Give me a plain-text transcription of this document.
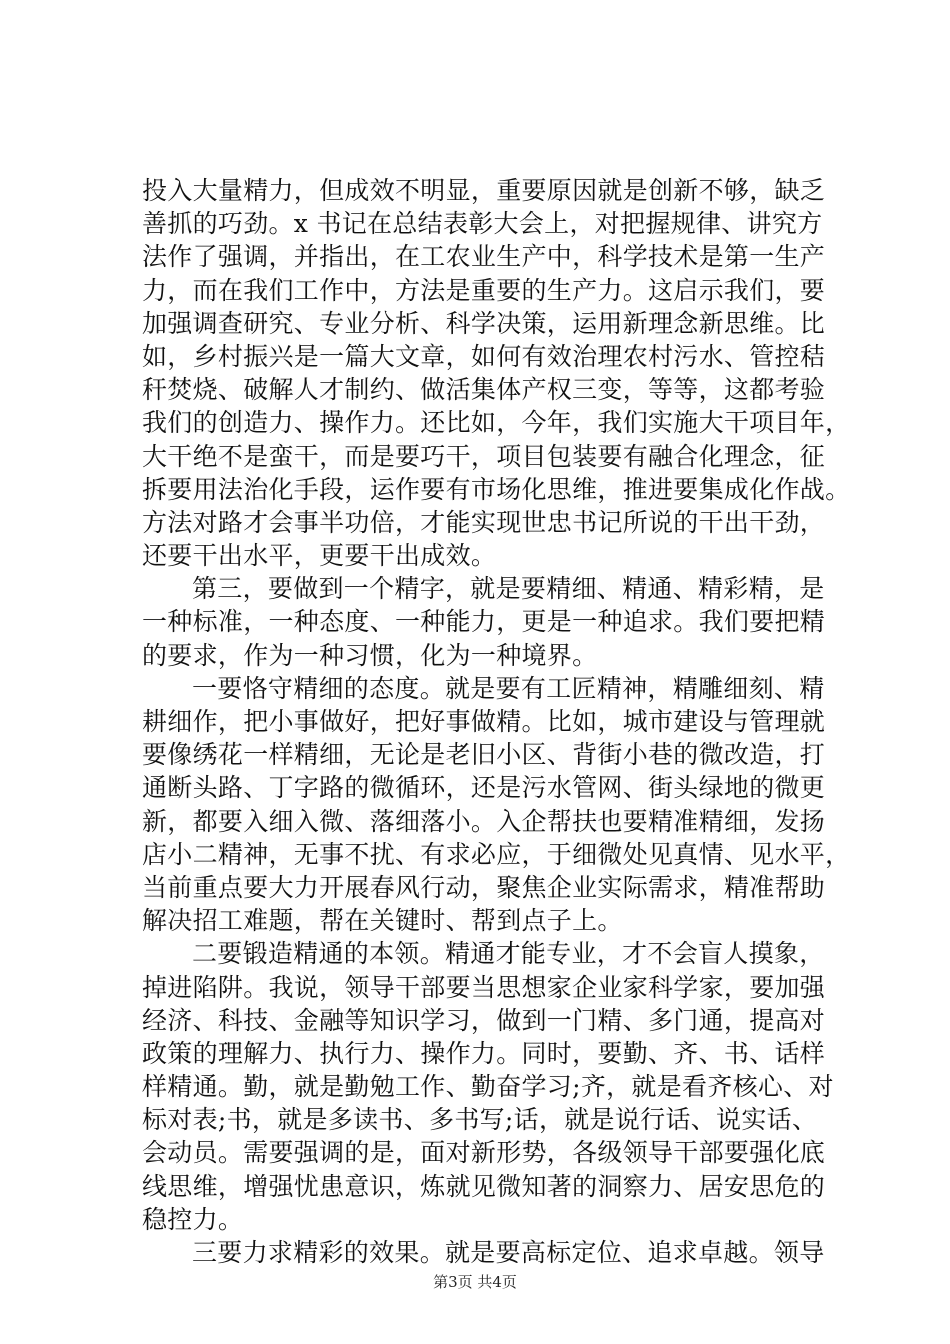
投入大量精力，但成效不明显，重要原因就是创新不够，缺乏
善抓的巧劲。x 书记在总结表彰大会上，对把握规律、讲究方
法作了强调，并指出，在工农业生产中，科学技术是第一生产
力，而在我们工作中，方法是重要的生产力。这启示我们，要
加强调查研究、专业分析、科学决策，运用新理念新思维。比
如，乡村振兴是一篇大文章，如何有效治理农村污水、管控秸
秆焚烧、破解人才制约、做活集体产权三变，等等，这都考验
我们的创造力、操作力。还比如，今年，我们实施大干项目年，
大干绝不是蛮干，而是要巧干，项目包装要有融合化理念，征
拆要用法治化手段，运作要有市场化思维，推进要集成化作战。
方法对路才会事半功倍，才能实现世忠书记所说的干出干劲，
还要干出水平，更要干出成效。
第三，要做到一个精字，就是要精细、精通、精彩精，是
一种标准，一种态度、一种能力，更是一种追求。我们要把精
的要求，作为一种习惯，化为一种境界。
一要恪守精细的态度。就是要有工匠精神，精雕细刻、精
耕细作，把小事做好，把好事做精。比如，城市建设与管理就
要像绣花一样精细，无论是老旧小区、背街小巷的微改造，打
通断头路、丁字路的微循环，还是污水管网、街头绿地的微更
新，都要入细入微、落细落小。入企帮扶也要精准精细，发扬
店小二精神，无事不扰、有求必应，于细微处见真情、见水平，
当前重点要大力开展春风行动，聚焦企业实际需求，精准帮助
解决招工难题，帮在关键时、帮到点子上。
二要锻造精通的本领。精通才能专业，才不会盲人摸象，
掉进陷阱。我说，领导干部要当思想家企业家科学家，要加强
经济、科技、金融等知识学习，做到一门精、多门通，提高对
政策的理解力、执行力、操作力。同时，要勤、齐、书、话样
样精通。勤，就是勤勉工作、勤奋学习;齐，就是看齐核心、对
标对表;书，就是多读书、多书写;话，就是说行话、说实话、
会动员。需要强调的是，面对新形势，各级领导干部要强化底
线思维，增强忧患意识，炼就见微知著的洞察力、居安思危的
稳控力。
三要力求精彩的效果。就是要高标定位、追求卓越。领导
第3页 共4页
